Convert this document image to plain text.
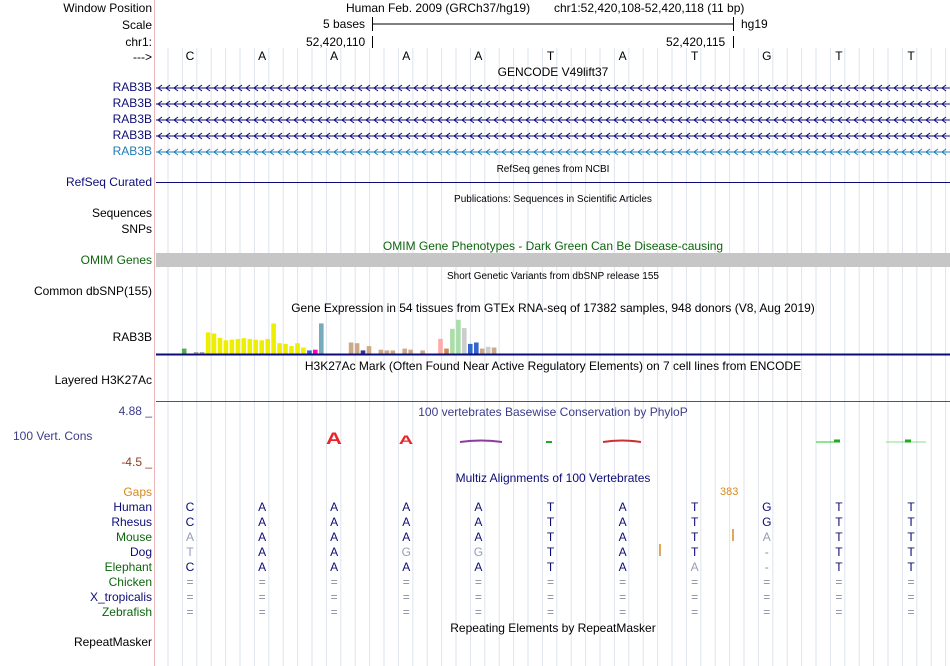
Window Position
Scale
chr1:
--->
Human Feb. 2009 (GRCh37/hg19) chr1:52,420,108-52,420,118 (11 bp)
5 bases	hg19
52,420,110	52,420,115
C	A	A	A	A	T	A	T	G	T	T
GENCODE V49lift37
RAB3B
RAB3B
RAB3B
RAB3B
RAB3B
RefSeq genes from NCBI
RefSeq Curated
Publications: Sequences in Scientific Articles
Sequences
SNPs
OMIM Gene Phenotypes - Dark Green Can Be Disease-causing
OMIM Genes
Short Genetic Variants from dbSNP release 155
Common dbSNP(155)
Gene Expression in 54 tissues from GTEx RNA-seq of 17382 samples, 948 donors (V8, Aug 2019)
RAB3B
H3K27Ac Mark (Often Found Near Active Regulatory Elements) on 7 cell lines from ENCODE
Layered H3K27Ac
100 vertebrates Basewise Conservation by PhyloP
4.88 _
100 Vert. Cons
-4.5 _
A	A
Multiz Alignments of 100 Vertebrates
Gaps	383
Human	C	A	A	A	A	T	A	T	G	T	T
Rhesus	C	A	A	A	A	T	A	T	G	T	T
Mouse	A	A	A	A	A	T	A	T	A	T	T
Dog	T	A	A	G	G	T	A	T	-	T	T
Elephant	C	A	A	A	A	T	A	A	-	T	T
Chicken	=	=	=	=	=	=	=	=	=	=	=
X_tropicalis	=	=	=	=	=	=	=	=	=	=	=
Zebrafish	=	=	=	=	=	=	=	=	=	=	=
Repeating Elements by RepeatMasker
RepeatMasker
